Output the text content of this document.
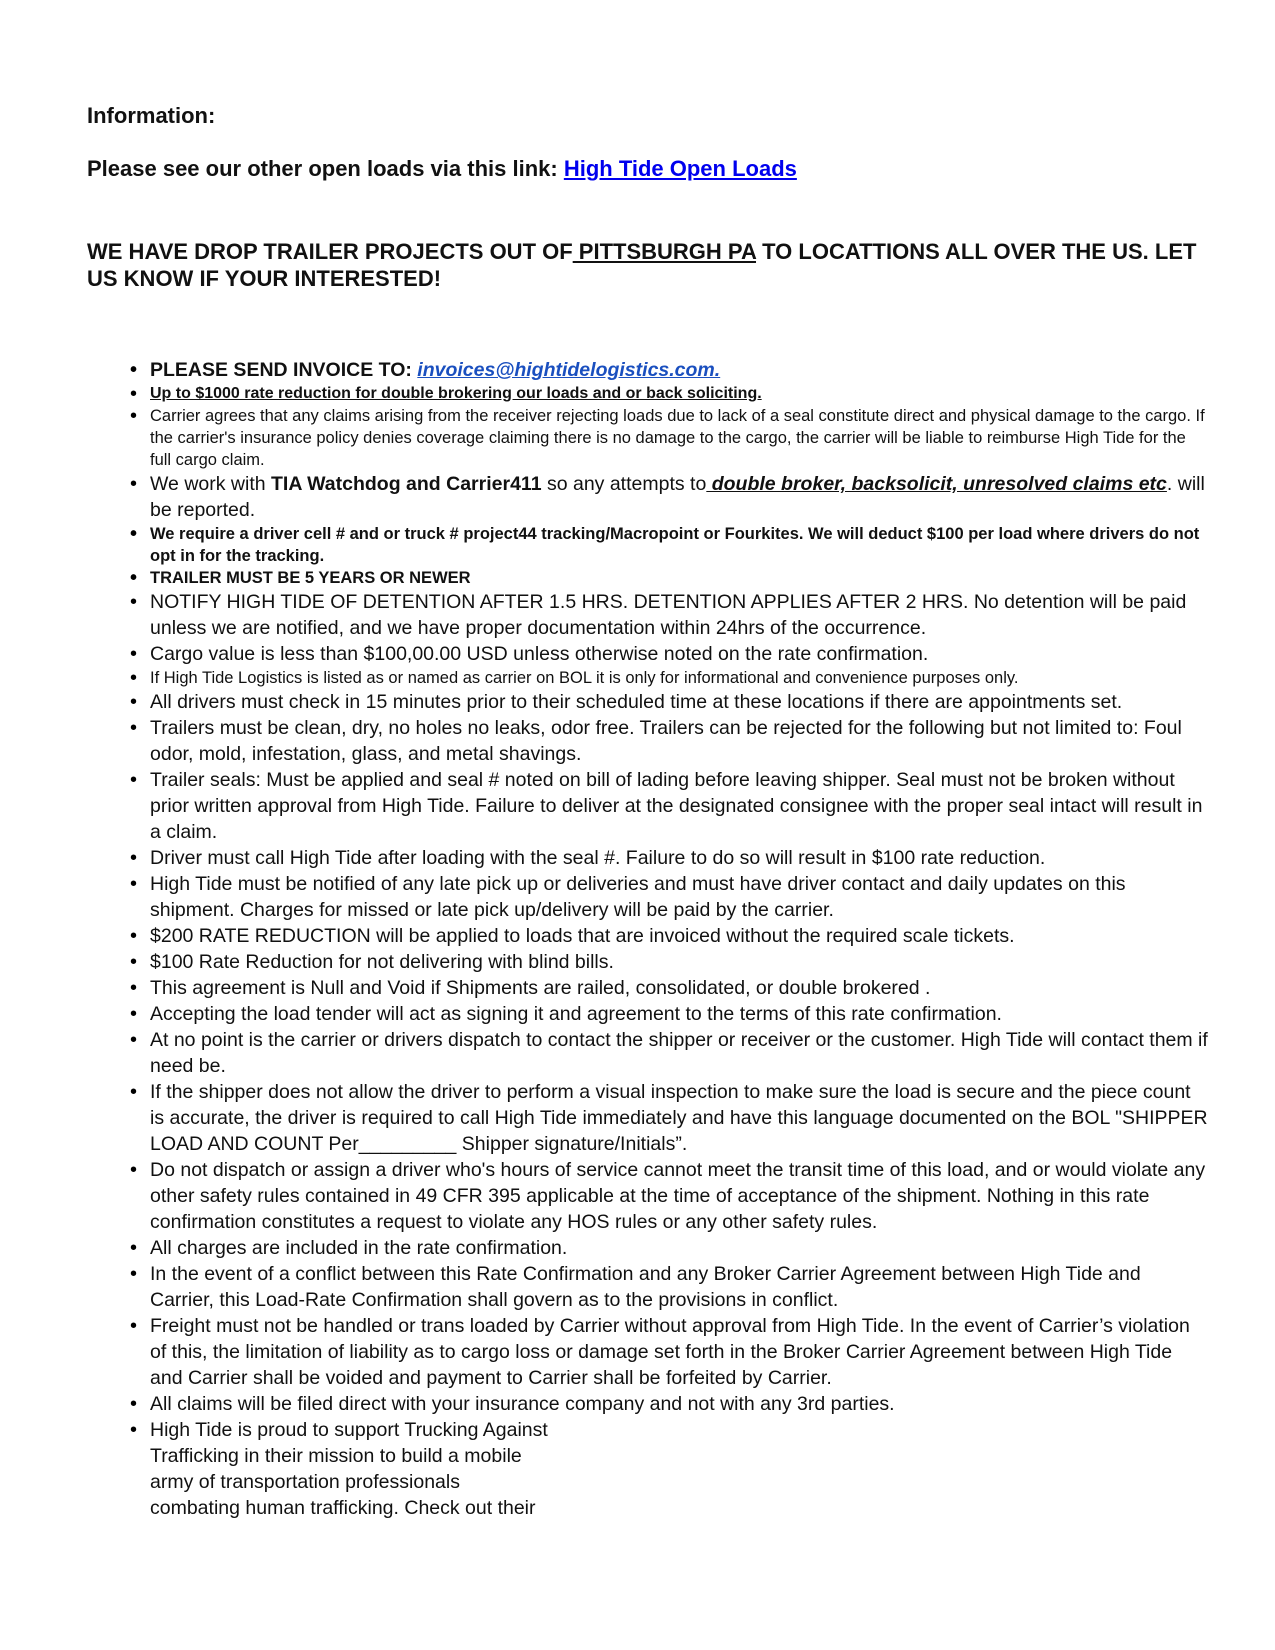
Information:

Please see our other open loads via this link: High Tide Open Loads

WE HAVE DROP TRAILER PROJECTS OUT OF PITTSBURGH PA TO LOCATTIONS ALL OVER THE US. LET US KNOW IF YOUR INTERESTED!

• PLEASE SEND INVOICE TO: invoices@hightidelogistics.com.
• Up to $1000 rate reduction for double brokering our loads and or back soliciting.
• Carrier agrees that any claims arising from the receiver rejecting loads due to lack of a seal constitute direct and physical damage to the cargo. If the carrier's insurance policy denies coverage claiming there is no damage to the cargo, the carrier will be liable to reimburse High Tide for the full cargo claim.
• We work with TIA Watchdog and Carrier411 so any attempts to double broker, backsolicit, unresolved claims etc. will be reported.
• We require a driver cell # and or truck # project44 tracking/Macropoint or Fourkites. We will deduct $100 per load where drivers do not opt in for the tracking.
• TRAILER MUST BE 5 YEARS OR NEWER
• NOTIFY HIGH TIDE OF DETENTION AFTER 1.5 HRS. DETENTION APPLIES AFTER 2 HRS. No detention will be paid unless we are notified, and we have proper documentation within 24hrs of the occurrence.
• Cargo value is less than $100,00.00 USD unless otherwise noted on the rate confirmation.
• If High Tide Logistics is listed as or named as carrier on BOL it is only for informational and convenience purposes only.
• All drivers must check in 15 minutes prior to their scheduled time at these locations if there are appointments set.
• Trailers must be clean, dry, no holes no leaks, odor free. Trailers can be rejected for the following but not limited to: Foul odor, mold, infestation, glass, and metal shavings.
• Trailer seals: Must be applied and seal # noted on bill of lading before leaving shipper. Seal must not be broken without prior written approval from High Tide. Failure to deliver at the designated consignee with the proper seal intact will result in a claim.
• Driver must call High Tide after loading with the seal #. Failure to do so will result in $100 rate reduction.
• High Tide must be notified of any late pick up or deliveries and must have driver contact and daily updates on this shipment. Charges for missed or late pick up/delivery will be paid by the carrier.
• $200 RATE REDUCTION will be applied to loads that are invoiced without the required scale tickets.
• $100 Rate Reduction for not delivering with blind bills.
• This agreement is Null and Void if Shipments are railed, consolidated, or double brokered .
• Accepting the load tender will act as signing it and agreement to the terms of this rate confirmation.
• At no point is the carrier or drivers dispatch to contact the shipper or receiver or the customer. High Tide will contact them if need be.
• If the shipper does not allow the driver to perform a visual inspection to make sure the load is secure and the piece count is accurate, the driver is required to call High Tide immediately and have this language documented on the BOL "SHIPPER LOAD AND COUNT Per_________ Shipper signature/Initials”.
• Do not dispatch or assign a driver who's hours of service cannot meet the transit time of this load, and or would violate any other safety rules contained in 49 CFR 395 applicable at the time of acceptance of the shipment. Nothing in this rate confirmation constitutes a request to violate any HOS rules or any other safety rules.
• All charges are included in the rate confirmation.
• In the event of a conflict between this Rate Confirmation and any Broker Carrier Agreement between High Tide and Carrier, this Load-Rate Confirmation shall govern as to the provisions in conflict.
• Freight must not be handled or trans loaded by Carrier without approval from High Tide. In the event of Carrier’s violation of this, the limitation of liability as to cargo loss or damage set forth in the Broker Carrier Agreement between High Tide and Carrier shall be voided and payment to Carrier shall be forfeited by Carrier.
• All claims will be filed direct with your insurance company and not with any 3rd parties.
• High Tide is proud to support Trucking Against Trafficking in their mission to build a mobile army of transportation professionals combating human trafficking. Check out their
